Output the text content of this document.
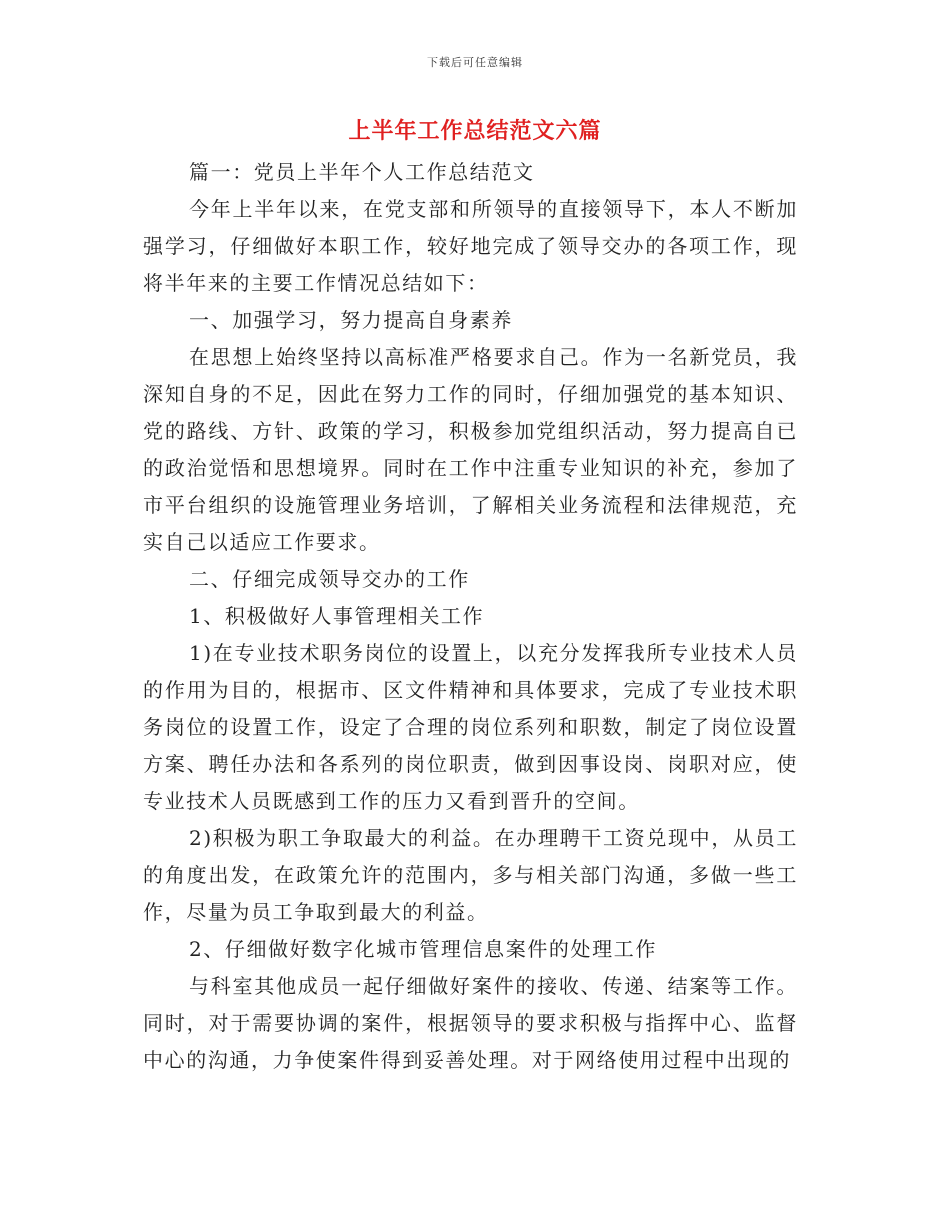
下载后可任意编辑
上半年工作总结范文六篇

篇一：党员上半年个人工作总结范文

今年上半年以来，在党支部和所领导的直接领导下，本人不断加强学习，仔细做好本职工作，较好地完成了领导交办的各项工作，现将半年来的主要工作情况总结如下：

一、加强学习，努力提高自身素养

在思想上始终坚持以高标准严格要求自己。作为一名新党员，我深知自身的不足，因此在努力工作的同时，仔细加强党的基本知识、党的路线、方针、政策的学习，积极参加党组织活动，努力提高自已的政治觉悟和思想境界。同时在工作中注重专业知识的补充，参加了市平台组织的设施管理业务培训，了解相关业务流程和法律规范，充实自己以适应工作要求。

二、仔细完成领导交办的工作

1、积极做好人事管理相关工作

1)在专业技术职务岗位的设置上，以充分发挥我所专业技术人员的作用为目的，根据市、区文件精神和具体要求，完成了专业技术职务岗位的设置工作，设定了合理的岗位系列和职数，制定了岗位设置方案、聘任办法和各系列的岗位职责，做到因事设岗、岗职对应，使专业技术人员既感到工作的压力又看到晋升的空间。

2)积极为职工争取最大的利益。在办理聘干工资兑现中，从员工的角度出发，在政策允许的范围内，多与相关部门沟通，多做一些工作，尽量为员工争取到最大的利益。

2、仔细做好数字化城市管理信息案件的处理工作

与科室其他成员一起仔细做好案件的接收、传递、结案等工作。同时，对于需要协调的案件，根据领导的要求积极与指挥中心、监督中心的沟通，力争使案件得到妥善处理。对于网络使用过程中出现的
